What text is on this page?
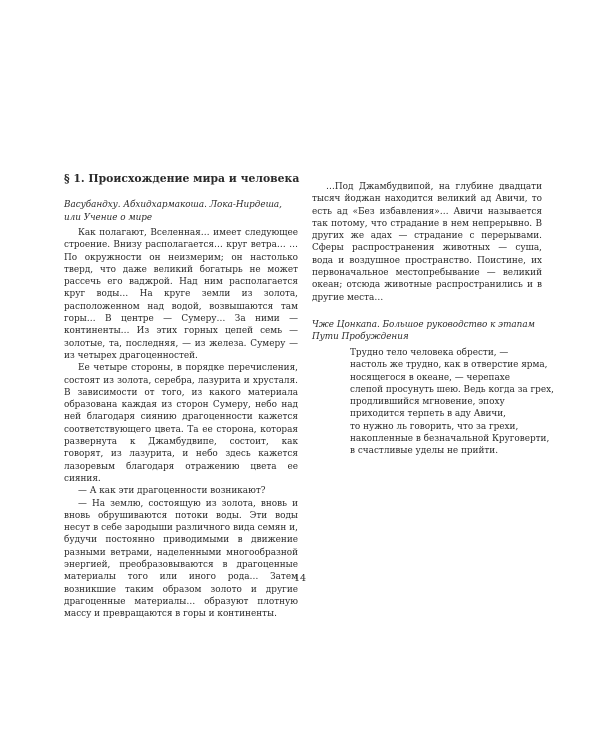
§ 1. Происхождение мира и человека
Васубандху. Абхидхармакоша. Лока-Нирдеша,
или Учение о мире

Как полагают, Вселенная… имеет следующее строение. Внизу располагается… круг ветра… …По окружности он неизмерим; он настолько тверд, что даже великий богатырь не может рассечь его ваджрой. Над ним располагается круг воды… На круге земли из золота, расположенном над водой, возвышаются там горы… В центре — Сумеру… За ними — континенты… Из этих горных цепей семь — золотые, та, последняя, — из железа. Сумеру — из четырех драгоценностей.

Ее четыре стороны, в порядке перечисления, состоят из золота, серебра, лазурита и хрусталя. В зависимости от того, из какого материала образована каждая из сторон Сумеру, небо над ней благодаря сиянию драгоценности кажется соответствующего цвета. Та ее сторона, которая развернута к Джамбудвипе, состоит, как говорят, из лазурита, и небо здесь кажется лазоревым благодаря отражению цвета ее сияния.

— А как эти драгоценности возникают?

— На землю, состоящую из золота, вновь и вновь обрушиваются потоки воды. Эти воды несут в себе зародыши различного вида семян и, будучи постоянно приводимыми в движение разными ветрами, наделенными многообразной энергией, преобразовываются в драгоценные материалы того или иного рода… Затем возникшие таким образом золото и другие драгоценные материалы… образуют плотную массу и превращаются в горы и континенты.

…Под Джамбудвипой, на глубине двадцати тысяч йоджан находится великий ад Авичи, то есть ад «Без избавления»… Авичи называется так потому, что страдание в нем непрерывно. В других же адах — страдание с перерывами. Сферы распространения животных — суша, вода и воздушное пространство. Поистине, их первоначальное местопребывание — великий океан; отсюда животные распространились и в другие места…

Чже Цонкапа. Большое руководство к этапам
Пути Пробуждения
Трудно тело человека обрести, —
настоль же трудно, как в отверстие ярма,
носящегося в океане, — черепахе
слепой просунуть шею. Ведь когда за грех,
продлившийся мгновение, эпоху
приходится терпеть в аду Авичи,
то нужно ль говорить, что за грехи,
накопленные в безначальной Круговерти,
в счастливые уделы не прийти.
14
